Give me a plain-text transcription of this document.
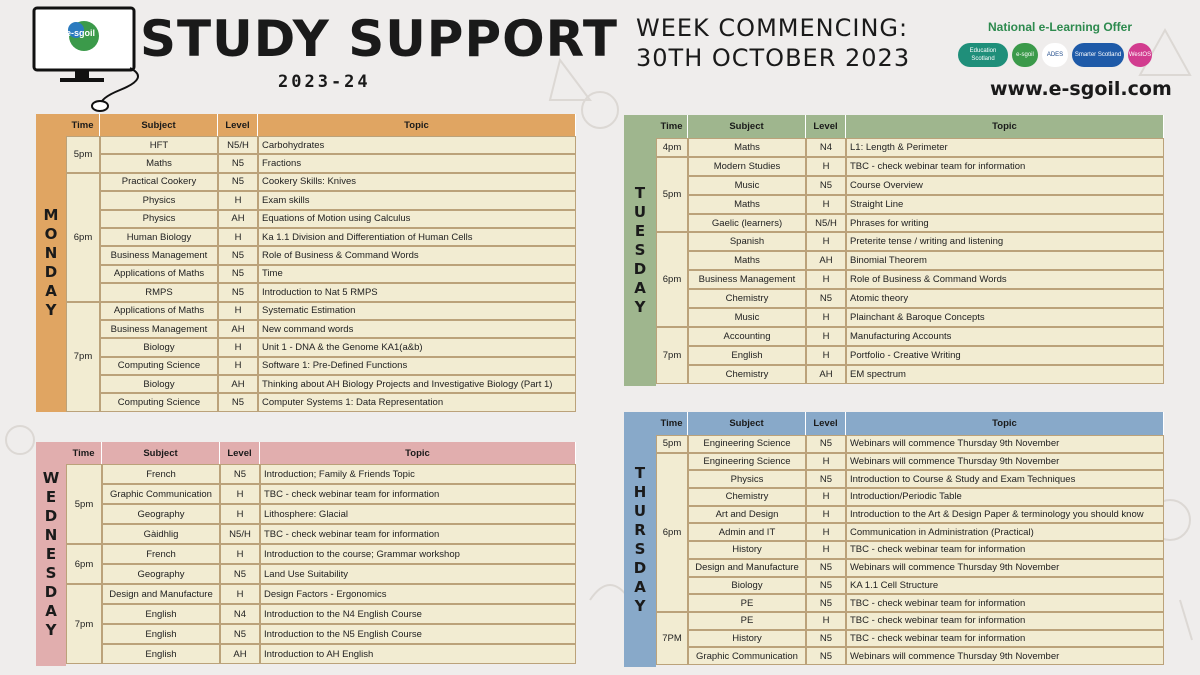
e-sgoil STUDY SUPPORT
2023-24
WEEK COMMENCING:
30TH OCTOBER 2023
National e-Learning Offer
Education Scotland
e-sgoil ADES Smarter Scotland WestOS
www.e-sgoil.com
M
O
N
D
A
Y
Time	Subject	Level	Topic
5pm	HFT	N5/H	Carbohydrates
	Maths	N5	Fractions
6pm	Practical Cookery	N5	Cookery Skills: Knives
	Physics	H	Exam skills
	Physics	AH	Equations of Motion using Calculus
	Human Biology	H	Ka 1.1 Division and Differentiation of Human Cells
	Business Management	N5	Role of Business & Command Words
	Applications of Maths	N5	Time
	RMPS	N5	Introduction to Nat 5 RMPS
7pm	Applications of Maths	H	Systematic Estimation
	Business Management	AH	New command words
	Biology	H	Unit 1 - DNA & the Genome KA1(a&b)
	Computing Science	H	Software 1: Pre-Defined Functions
	Biology	AH	Thinking about AH Biology Projects and Investigative Biology (Part 1)
	Computing Science	N5	Computer Systems 1: Data Representation
T
U
E
S
D
A
Y
Time	Subject	Level	Topic
4pm	Maths	N4	L1: Length & Perimeter
5pm	Modern Studies	H	TBC - check webinar team for information
	Music	N5	Course Overview
	Maths	H	Straight Line
	Gaelic (learners)	N5/H	Phrases for writing
6pm	Spanish	H	Preterite tense / writing and listening
	Maths	AH	Binomial Theorem
	Business Management	H	Role of Business & Command Words
	Chemistry	N5	Atomic theory
	Music	H	Plainchant & Baroque Concepts
7pm	Accounting	H	Manufacturing Accounts
	English	H	Portfolio - Creative Writing
	Chemistry	AH	EM spectrum
W
E
D
N
E
S
D
A
Y
Time	Subject	Level	Topic
5pm	French	N5	Introduction; Family & Friends Topic
	Graphic Communication	H	TBC - check webinar team for information
	Geography	H	Lithosphere: Glacial
	Gàidhlig	N5/H	TBC - check webinar team for information
6pm	French	H	Introduction to the course; Grammar workshop
	Geography	N5	Land Use Suitability
7pm	Design and Manufacture	H	Design Factors - Ergonomics
	English	N4	Introduction to the N4 English Course
	English	N5	Introduction to the N5 English Course
	English	AH	Introduction to AH English
T
H
U
R
S
D
A
Y
Time	Subject	Level	Topic
5pm	Engineering Science	N5	Webinars will commence Thursday 9th November
6pm	Engineering Science	H	Webinars will commence Thursday 9th November
	Physics	N5	Introduction to Course & Study and Exam Techniques
	Chemistry	H	Introduction/Periodic Table
	Art and Design	H	Introduction to the Art & Design Paper & terminology you should know
	Admin and IT	H	Communication in Administration (Practical)
	History	H	TBC - check webinar team for information
	Design and Manufacture	N5	Webinars will commence Thursday 9th November
	Biology	N5	KA 1.1 Cell Structure
	PE	N5	TBC - check webinar team for information
7PM	PE	H	TBC - check webinar team for information
	History	N5	TBC - check webinar team for information
	Graphic Communication	N5	Webinars will commence Thursday 9th November
